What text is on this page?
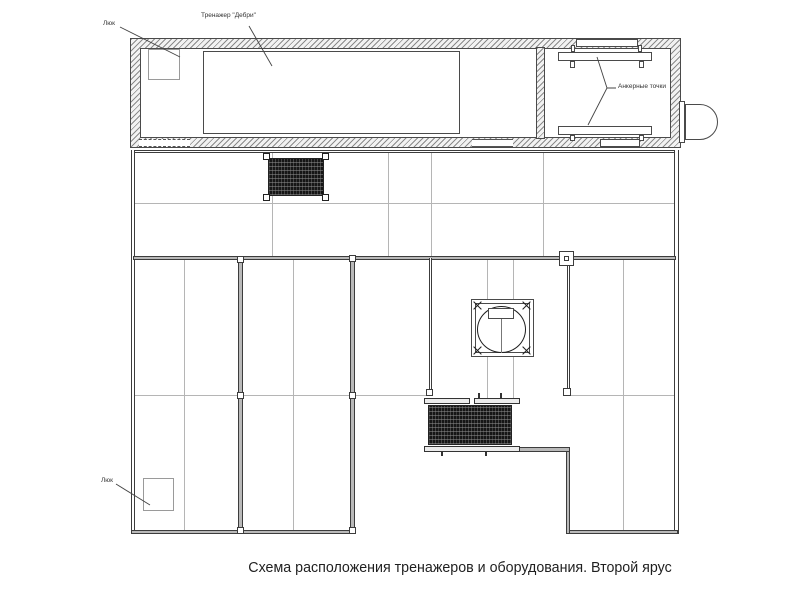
Люк
Тренажер "Дебри"
Анкерные точки
Люк
Схема расположения тренажеров и оборудования. Второй ярус
